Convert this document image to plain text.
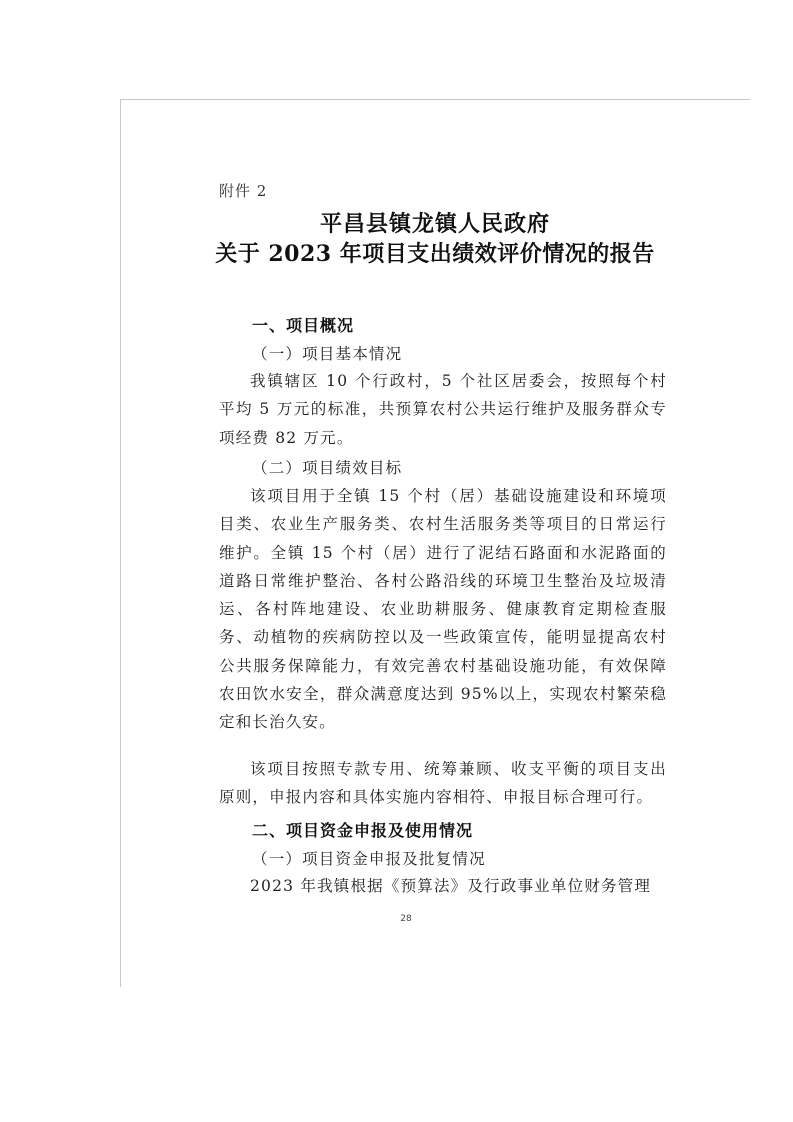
附件 2
平昌县镇龙镇人民政府
关于 2023 年项目支出绩效评价情况的报告
一、项目概况
（一）项目基本情况
我镇辖区 10 个行政村，5 个社区居委会，按照每个村平均 5 万元的标准，共预算农村公共运行维护及服务群众专项经费 82 万元。
（二）项目绩效目标
该项目用于全镇 15 个村（居）基础设施建设和环境项目类、农业生产服务类、农村生活服务类等项目的日常运行维护。全镇 15 个村（居）进行了泥结石路面和水泥路面的道路日常维护整治、各村公路沿线的环境卫生整治及垃圾清运、各村阵地建设、农业助耕服务、健康教育定期检查服务、动植物的疾病防控以及一些政策宣传，能明显提高农村公共服务保障能力，有效完善农村基础设施功能，有效保障农田饮水安全，群众满意度达到 95%以上，实现农村繁荣稳定和长治久安。
该项目按照专款专用、统筹兼顾、收支平衡的项目支出原则，申报内容和具体实施内容相符、申报目标合理可行。
二、项目资金申报及使用情况
（一）项目资金申报及批复情况
2023 年我镇根据《预算法》及行政事业单位财务管理
28
